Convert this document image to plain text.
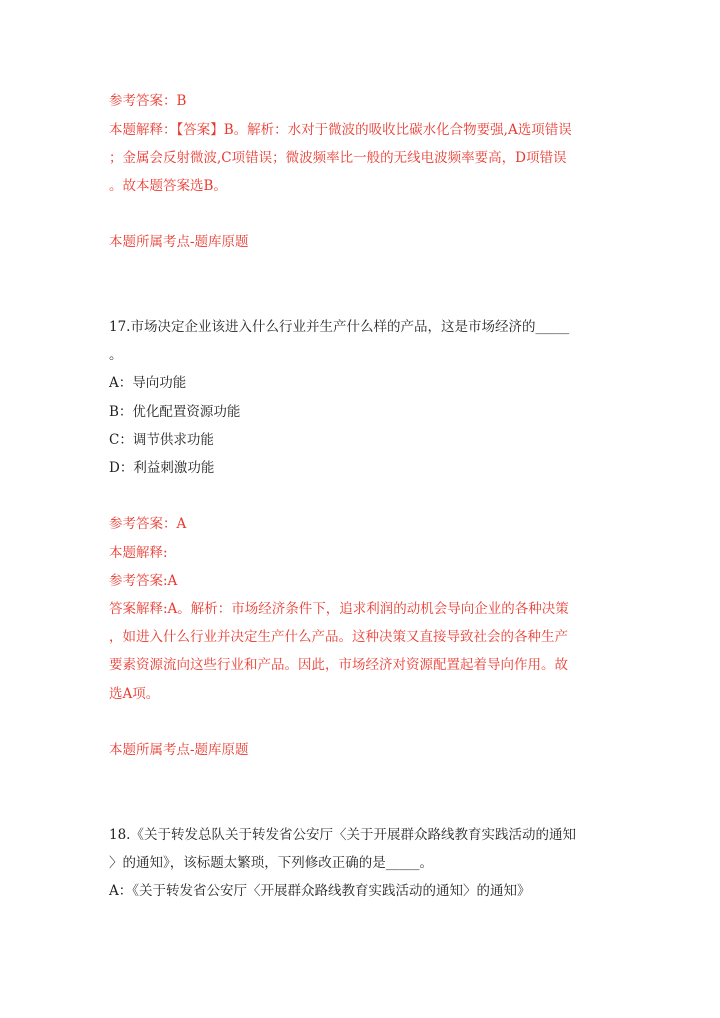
参考答案：B
本题解释：【答案】B。解析：水对于微波的吸收比碳水化合物要强,A选项错误
；金属会反射微波,C项错误；微波频率比一般的无线电波频率要高，D项错误
。故本题答案选B。
本题所属考点-题库原题
17.市场决定企业该进入什么行业并生产什么样的产品，这是市场经济的_____
。
A：导向功能
B：优化配置资源功能
C：调节供求功能
D：利益刺激功能
参考答案：A
本题解释:
参考答案:A
答案解释:A。解析：市场经济条件下，追求利润的动机会导向企业的各种决策
，如进入什么行业并决定生产什么产品。这种决策又直接导致社会的各种生产
要素资源流向这些行业和产品。因此，市场经济对资源配置起着导向作用。故
选A项。
本题所属考点-题库原题
18.《关于转发总队关于转发省公安厅〈关于开展群众路线教育实践活动的通知
〉的通知》，该标题太繁琐，下列修改正确的是_____。
A：《关于转发省公安厅〈开展群众路线教育实践活动的通知〉的通知》
